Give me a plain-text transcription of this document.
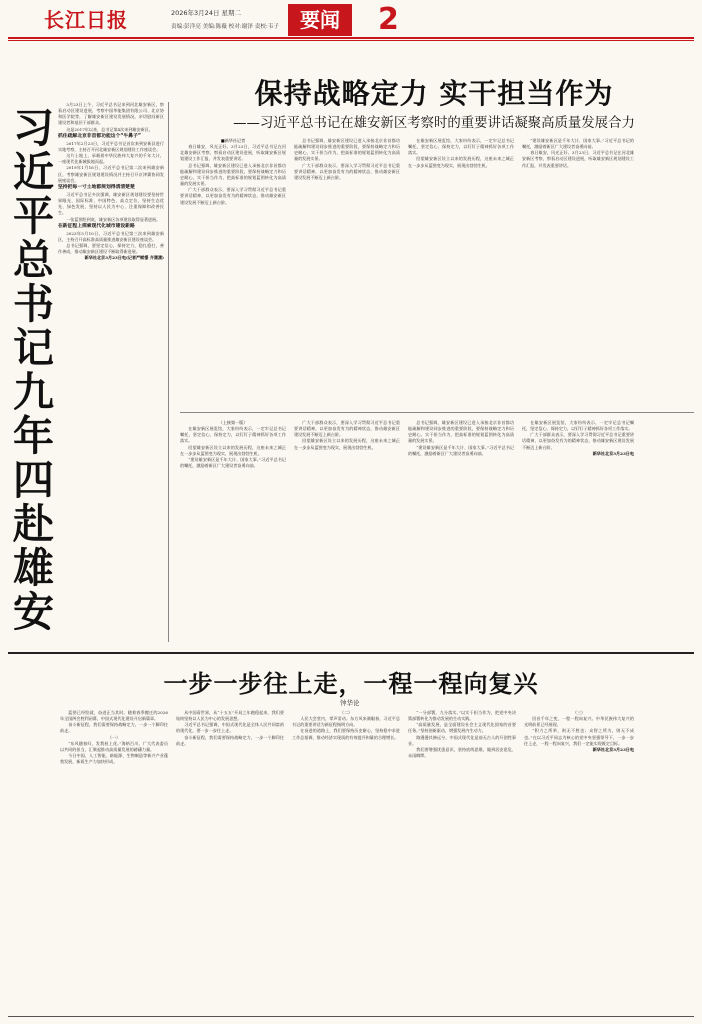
长江日报	2026年3月24日 星期二
责编:彭洋亮 美编:陈薇 校对:谢泽 责校:韦子	要闻	2
习近平总书记九年四赴雄安

3月23日上午，习近平总书记来到河北雄安新区，察看启动区建设进展，考察中国华能集团有限公司、北京协和医学院等，了解雄安新区建设发展情况，亲切慰问新区建设者和基层干部群众。

这是2017年以来，总书记第4次来到雄安新区。

抓住疏解北京非首都功能这个“牛鼻子”

2017年2月23日，习近平总书记首次来到安新县进行实地考察，主持召开河北雄安新区规划建设工作座谈会。

这片土地上，承载着中华民族伟大复兴的千年大计，一座现代化新城拔地而起。

2019年1月16日，习近平总书记第二次来到雄安新区，考察雄安新区规划建设情况并主持召开京津冀协同发展座谈会。

坚持把每一寸土地都规划得清清楚楚

习近平总书记多次强调，雄安新区规划建设要坚持世界眼光、国际标准、中国特色、高点定位，坚持生态优先、绿色发展，坚持以人民为中心、注重保障和改善民生。

一张蓝图绘到底，雄安新区各项建设取得显著进展。

在新征程上探索现代化城市建设新路

2023年5月10日，习近平总书记第三次来到雄安新区，主持召开高标准高质量推进雄安新区建设座谈会。

总书记强调，要坚定信心，保持定力，稳扎稳打，善作善成，推动雄安新区建设不断取得新进展。

新华社北京3月23日电(记者严赋憬 齐潇潇)

保持战略定力 实干担当作为
——习近平总书记在雄安新区考察时的重要讲话凝聚高质量发展合力

■新华社记者

春日雄安，风光正好。3月23日，习近平总书记在河北雄安新区考察，察看启动区建设进展，听取雄安新区规划建设工作汇报，并发表重要讲话。

总书记强调，雄安新区建设已进入承接北京非首都功能疏解和建设同步推进的重要阶段，要保持战略定力和历史耐心，实干担当作为，把高标准的规划蓝图转化为高质量的发展实景。

广大干部群众表示，要深入学习贯彻习近平总书记重要讲话精神，以更加奋发有为的精神状态，推动雄安新区建设发展不断迈上新台阶。

总书记强调，雄安新区建设已进入承接北京非首都功能疏解和建设同步推进的重要阶段，要保持战略定力和历史耐心，实干担当作为，把高标准的规划蓝图转化为高质量的发展实景。

广大干部群众表示，要深入学习贯彻习近平总书记重要讲话精神，以更加奋发有为的精神状态，推动雄安新区建设发展不断迈上新台阶。

在雄安新区展览馆，大家纷纷表示，一定牢记总书记嘱托，坚定信心、保持定力，以钉钉子精神抓好各项工作落实。

回望雄安新区设立以来的发展历程，这座未来之城正在一步步从蓝图变为现实，展现出勃勃生机。

“建设雄安新区是千年大计、国家大事。”习近平总书记的嘱托，激励着新区广大建设者奋勇向前。

春日雄安，风光正好。3月23日，习近平总书记在河北雄安新区考察，察看启动区建设进展，听取雄安新区规划建设工作汇报，并发表重要讲话。

（上接第一版）

在雄安新区展览馆，大家纷纷表示，一定牢记总书记嘱托，坚定信心、保持定力，以钉钉子精神抓好各项工作落实。

回望雄安新区设立以来的发展历程，这座未来之城正在一步步从蓝图变为现实，展现出勃勃生机。

“建设雄安新区是千年大计、国家大事。”习近平总书记的嘱托，激励着新区广大建设者奋勇向前。

广大干部群众表示，要深入学习贯彻习近平总书记重要讲话精神，以更加奋发有为的精神状态，推动雄安新区建设发展不断迈上新台阶。

回望雄安新区设立以来的发展历程，这座未来之城正在一步步从蓝图变为现实，展现出勃勃生机。

总书记强调，雄安新区建设已进入承接北京非首都功能疏解和建设同步推进的重要阶段，要保持战略定力和历史耐心，实干担当作为，把高标准的规划蓝图转化为高质量的发展实景。

“建设雄安新区是千年大计、国家大事。”习近平总书记的嘱托，激励着新区广大建设者奋勇向前。

在雄安新区展览馆，大家纷纷表示，一定牢记总书记嘱托，坚定信心、保持定力，以钉钉子精神抓好各项工作落实。

广大干部群众表示，要深入学习贯彻习近平总书记重要讲话精神，以更加奋发有为的精神状态，推动雄安新区建设发展不断迈上新台阶。

新华社北京3月23日电

一步一步往上走，一程一程向复兴
钟华论

蓝图已经绘就，奋进正当其时。随着春季搬迁的2026年全国两会胜利闭幕，中国式现代化建设开启新篇章。

奋斗新征程，我们需要保持战略定力，一步一个脚印往前走。

（一）

“东风随春归，发我枝上花。”海纳百川，广大代表委员以共同的担当，汇聚起推动高质量发展的磅礴力量。

今日中国，人工智能、新能源、生物制造等新兴产业蓬勃发展，新质生产力加快形成。

从中国看世界，从“十五五”开局之年跑稳起来，我们要始终坚持以人民为中心的发展思想。

习近平总书记强调，中国式现代化是全体人民共同富裕的现代化，要一步一步往上走。

奋斗新征程，我们需要保持战略定力，一步一个脚印往前走。

（二）

人民大会堂内，掌声雷动。东方风来满眼春，习近平总书记的重要讲话为新征程指明方向。

在奋进的道路上，我们要保持历史耐心，坚持稳中求进工作总基调，推动经济实现质的有效提升和量的合理增长。

“一分部署，九分落实。”以实干担当作为，把党中央决策部署转化为推动发展的生动实践。

“高质量发展，是全面建设社会主义现代化国家的首要任务。”坚持创新驱动，增强发展内生动力。

路漫漫其修远兮，中国式现代化是前无古人的开创性事业。

我们要增强忧患意识，坚持底线思维，做到居安思危、未雨绸缪。

（三）

回首千年之变，一程一程向复兴。中华民族伟大复兴的光明前景已经展现。

“积力之所举，则无不胜也；众智之所为，则无不成也。”在以习近平同志为核心的党中央坚强领导下，一步一步往上走，一程一程向复兴，我们一定能实现既定目标。

新华社北京3月23日电
